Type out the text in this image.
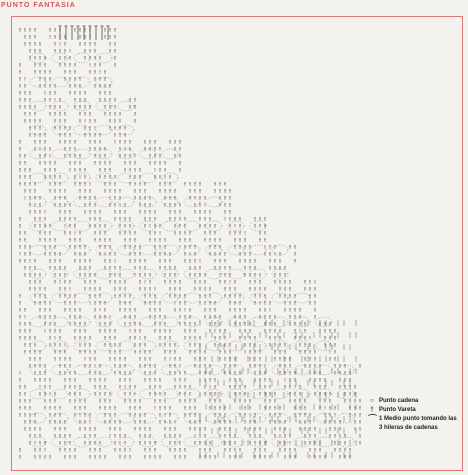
PUNTO FANTASIA
○ Punto cadena
† Punto Vareta
⌒ 1 Medio punto tomando las
3 hileras de cadenas
